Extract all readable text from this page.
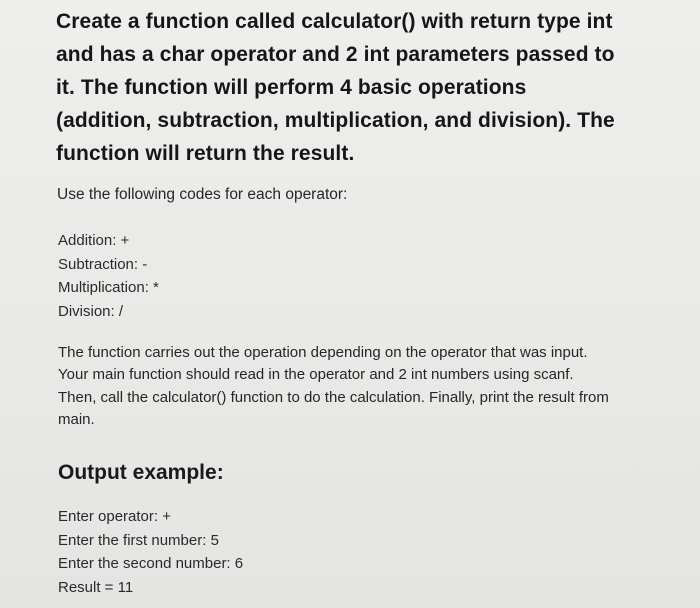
Create a function called calculator() with return type int
and has a char operator and 2 int parameters passed to
it. The function will perform 4 basic operations
(addition, subtraction, multiplication, and division). The
function will return the result.

Use the following codes for each operator:

Addition: +
Subtraction: -
Multiplication: *
Division: /

The function carries out the operation depending on the operator that was input.
Your main function should read in the operator and 2 int numbers using scanf.
Then, call the calculator() function to do the calculation. Finally, print the result from
main.

Output example:
Enter operator: +
Enter the first number: 5
Enter the second number: 6
Result = 11
